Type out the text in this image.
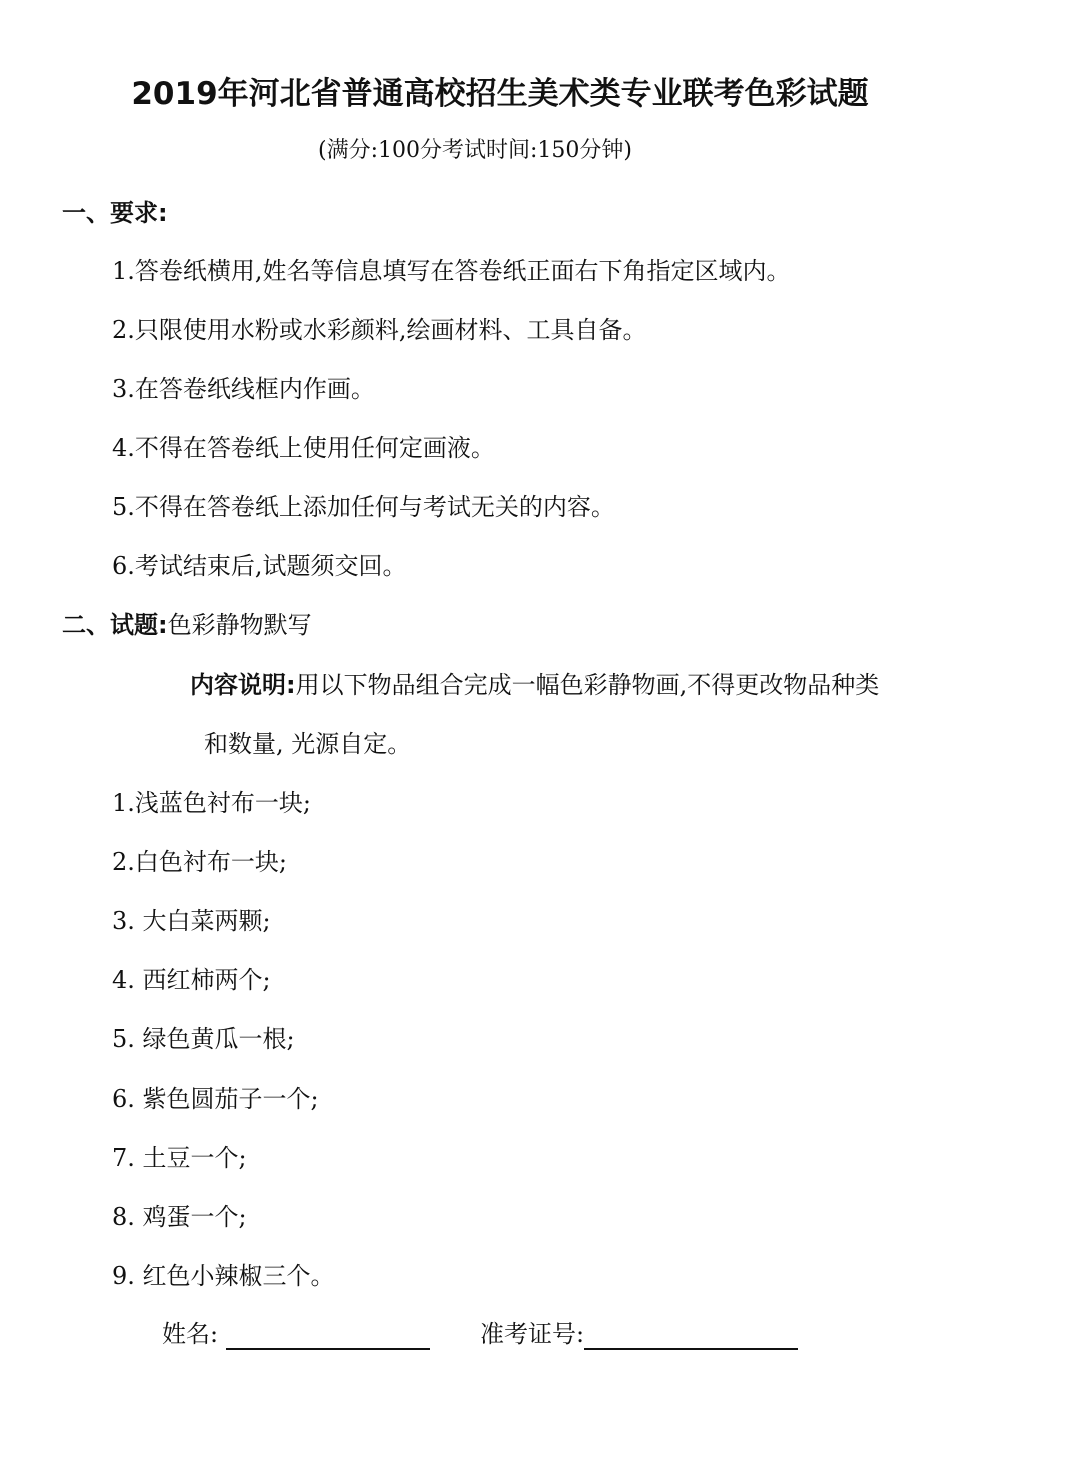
2019年河北省普通高校招生美术类专业联考色彩试题
(满分:100分考试时间:150分钟)
一、要求:
1.答卷纸横用,姓名等信息填写在答卷纸正面右下角指定区域内。
2.只限使用水粉或水彩颜料,绘画材料、工具自备。
3.在答卷纸线框内作画。
4.不得在答卷纸上使用任何定画液。
5.不得在答卷纸上添加任何与考试无关的内容。
6.考试结束后,试题须交回。
二、试题:色彩静物默写
内容说明:用以下物品组合完成一幅色彩静物画,不得更改物品种类
和数量, 光源自定。
1.浅蓝色衬布一块;
2.白色衬布一块;
3. 大白菜两颗;
4. 西红柿两个;
5. 绿色黄瓜一根;
6. 紫色圆茄子一个;
7. 土豆一个;
8. 鸡蛋一个;
9. 红色小辣椒三个。
姓名:	准考证号:
